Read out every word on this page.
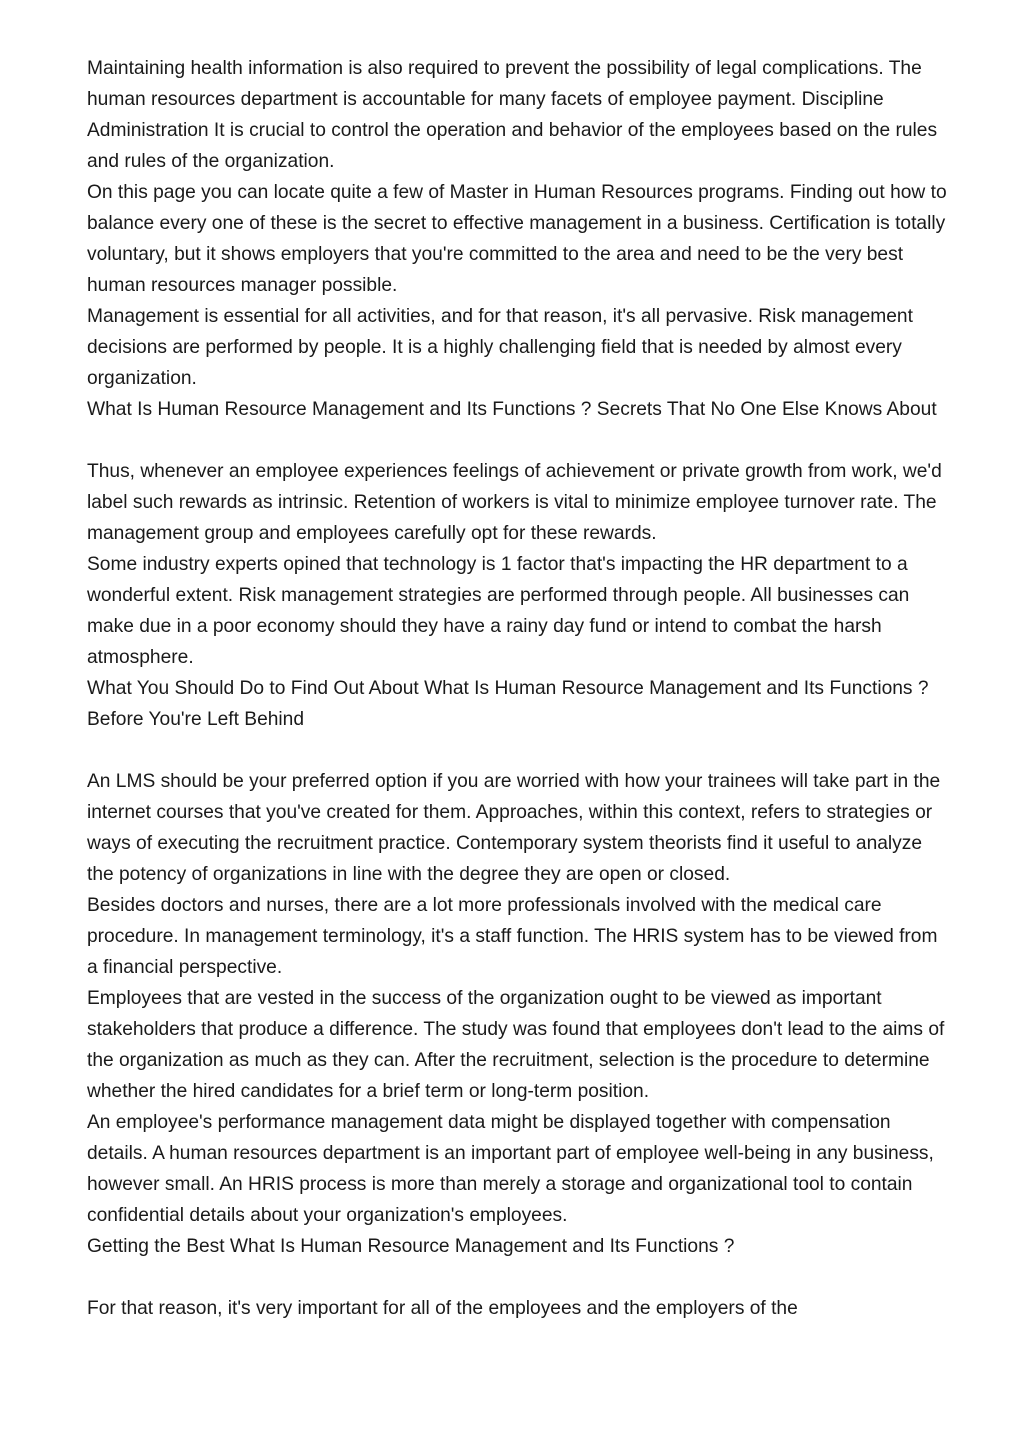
Maintaining health information is also required to prevent the possibility of legal complications. The human resources department is accountable for many facets of employee payment. Discipline Administration It is crucial to control the operation and behavior of the employees based on the rules and rules of the organization.

On this page you can locate quite a few of Master in Human Resources programs. Finding out how to balance every one of these is the secret to effective management in a business. Certification is totally voluntary, but it shows employers that you're committed to the area and need to be the very best human resources manager possible.

Management is essential for all activities, and for that reason, it's all pervasive. Risk management decisions are performed by people. It is a highly challenging field that is needed by almost every organization.

What Is Human Resource Management and Its Functions ? Secrets That No One Else Knows About

Thus, whenever an employee experiences feelings of achievement or private growth from work, we'd label such rewards as intrinsic. Retention of workers is vital to minimize employee turnover rate. The management group and employees carefully opt for these rewards.

Some industry experts opined that technology is 1 factor that's impacting the HR department to a wonderful extent. Risk management strategies are performed through people. All businesses can make due in a poor economy should they have a rainy day fund or intend to combat the harsh atmosphere.

What You Should Do to Find Out About What Is Human Resource Management and Its Functions ? Before You're Left Behind

An LMS should be your preferred option if you are worried with how your trainees will take part in the internet courses that you've created for them. Approaches, within this context, refers to strategies or ways of executing the recruitment practice. Contemporary system theorists find it useful to analyze the potency of organizations in line with the degree they are open or closed.

Besides doctors and nurses, there are a lot more professionals involved with the medical care procedure. In management terminology, it's a staff function. The HRIS system has to be viewed from a financial perspective.

Employees that are vested in the success of the organization ought to be viewed as important stakeholders that produce a difference. The study was found that employees don't lead to the aims of the organization as much as they can. After the recruitment, selection is the procedure to determine whether the hired candidates for a brief term or long-term position.

An employee's performance management data might be displayed together with compensation details. A human resources department is an important part of employee well-being in any business, however small. An HRIS process is more than merely a storage and organizational tool to contain confidential details about your organization's employees.

Getting the Best What Is Human Resource Management and Its Functions ?

For that reason, it's very important for all of the employees and the employers of the
